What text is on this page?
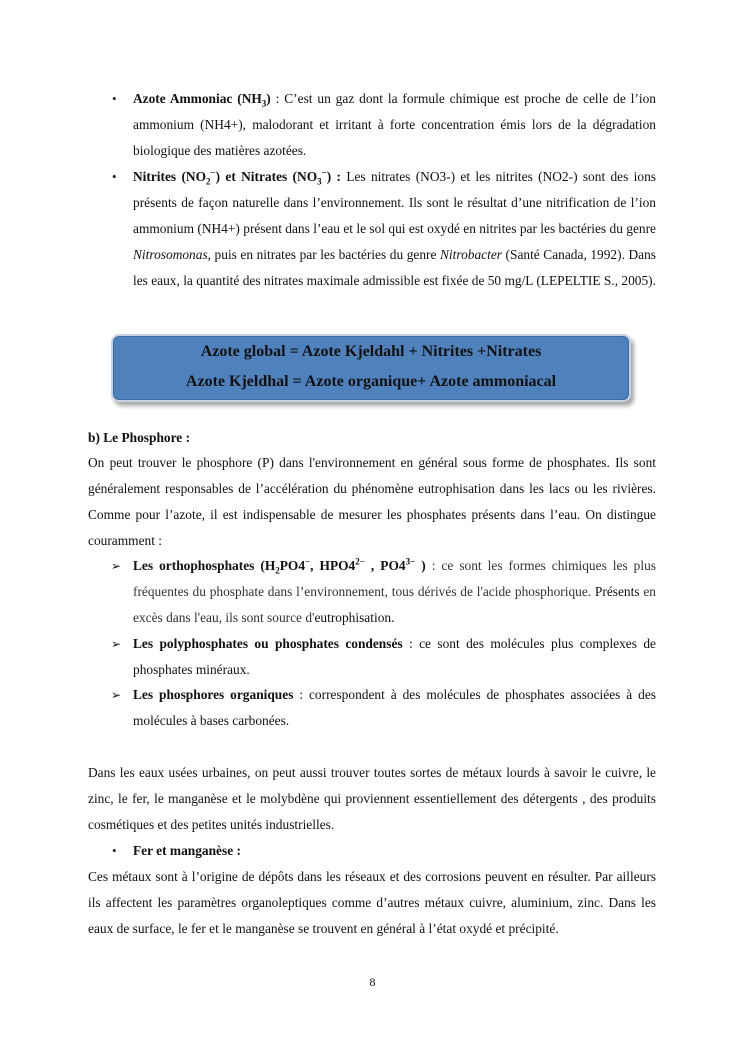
• Azote Ammoniac $(NH_3)$ : C’est un gaz dont la formule chimique est proche de celle de l’ion ammonium (NH4+), malodorant et irritant à forte concentration émis lors de la dégradation biologique des matières azotées.
• Nitrites $(NO_2^-)$ et Nitrates $(NO_3^-)$ : Les nitrates (NO3-) et les nitrites (NO2-) sont des ions présents de façon naturelle dans l’environnement. Ils sont le résultat d’une nitrification de l’ion ammonium (NH4+) présent dans l’eau et le sol qui est oxydé en nitrites par les bactéries du genre Nitrosomonas, puis en nitrates par les bactéries du genre Nitrobacter (Santé Canada, 1992). Dans les eaux, la quantité des nitrates maximale admissible est fixée de 50 mg/L (LEPELTIE S., 2005).
Azote global = Azote Kjeldahl + Nitrites +Nitrates
Azote Kjeldhal = Azote organique+ Azote ammoniacal
b) Le Phosphore :
On peut trouver le phosphore (P) dans l'environnement en général sous forme de phosphates. Ils sont généralement responsables de l’accélération du phénomène eutrophisation dans les lacs ou les rivières. Comme pour l’azote, il est indispensable de mesurer les phosphates présents dans l’eau. On distingue couramment :
➢ Les orthophosphates ($H_2PO4^-$, $HPO4^{2-}$ , $PO4^{3-}$ ) : ce sont les formes chimiques les plus fréquentes du phosphate dans l’environnement, tous dérivés de l'acide phosphorique. Présents en excès dans l'eau, ils sont source d'eutrophisation.
➢ Les polyphosphates ou phosphates condensés : ce sont des molécules plus complexes de phosphates minéraux.
➢ Les phosphores organiques : correspondent à des molécules de phosphates associées à des molécules à bases carbonées.
Dans les eaux usées urbaines, on peut aussi trouver toutes sortes de métaux lourds à savoir le cuivre, le zinc, le fer, le manganèse et le molybdène qui proviennent essentiellement des détergents , des produits cosmétiques et des petites unités industrielles.
• Fer et manganèse :
Ces métaux sont à l’origine de dépôts dans les réseaux et des corrosions peuvent en résulter. Par ailleurs ils affectent les paramètres organoleptiques comme d’autres métaux cuivre, aluminium, zinc. Dans les eaux de surface, le fer et le manganèse se trouvent en général à l’état oxydé et précipité.
8
